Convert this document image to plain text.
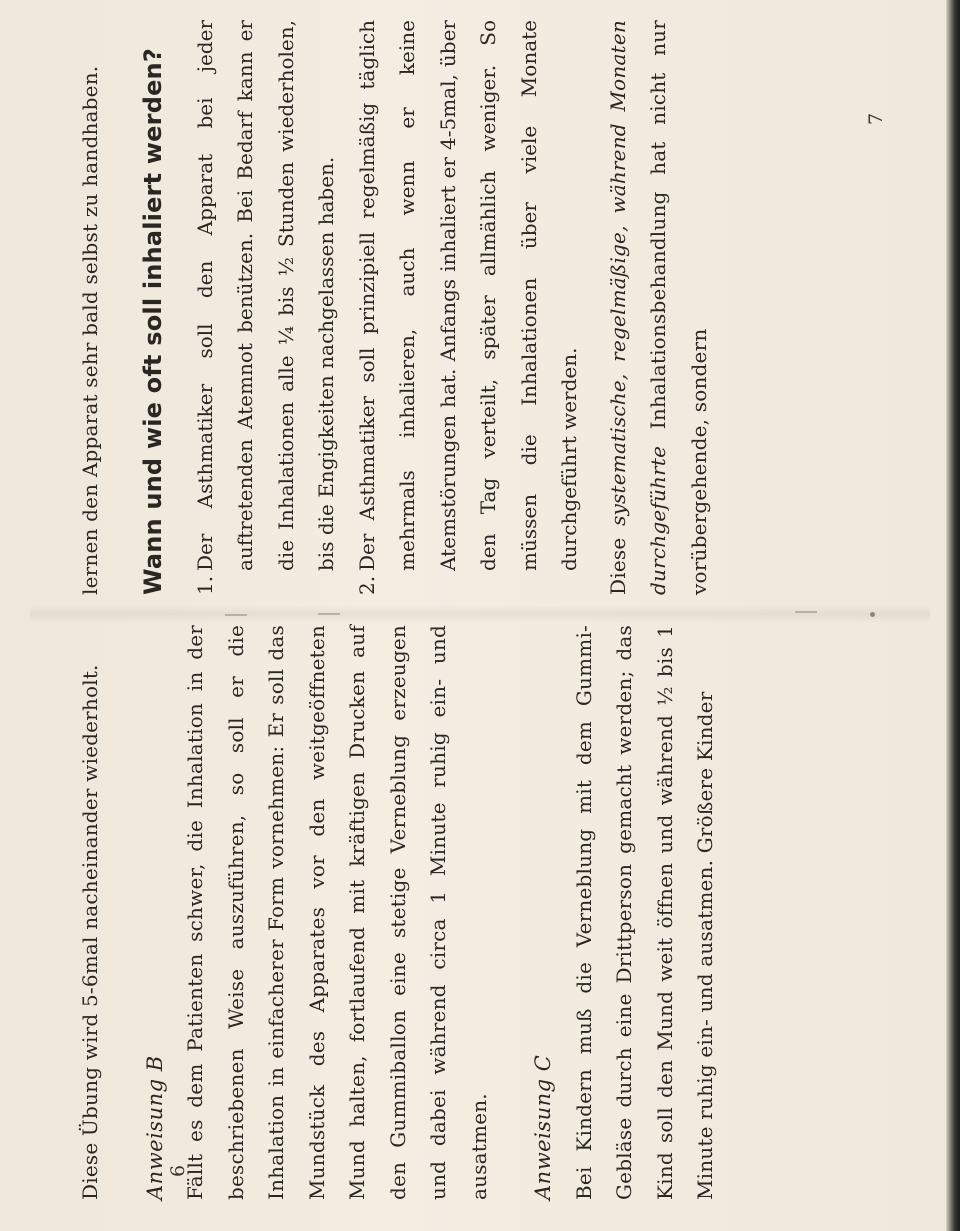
Diese Übung wird 5-6mal nacheinander wiederholt.	Anweisung B Fällt es dem Patienten schwer, die Inhalation in der beschriebenen Weise auszuführen, so soll er die Inhalation in einfacherer Form vornehmen: Er soll das Mundstück des Apparates vor den weitgeöffneten Mund halten, fortlaufend mit kräftigen Drucken auf den Gummiballon eine stetige Verneblung erzeugen und dabei während circa 1 Minute ruhig ein- und ausatmen.	Anweisung C Bei Kindern muß die Verneblung mit dem Gummi-Gebläse durch eine Drittperson gemacht werden; das Kind soll den Mund weit öffnen und während ½ bis 1 Minute ruhig ein- und ausatmen. Größere Kinder

lernen den Apparat sehr bald selbst zu handhaben.	Wann und wie oft soll inhaliert werden?	1.
Der Asthmatiker soll den Apparat bei jeder auftretenden Atemnot benützen. Bei Bedarf kann er die Inhalationen alle ¼ bis ½ Stunden wiederholen, bis die Engigkeiten nachgelassen haben.
2.
Der Asthmatiker soll prinzipiell regelmäßig täglich mehrmals inhalieren, auch wenn er keine Atemstörungen hat. Anfangs inhaliert er 4-5mal, über den Tag verteilt, später allmählich weniger. So müssen die Inhalationen über viele Monate durchgeführt werden.	Diese systematische, regelmäßige, während Monaten durchgeführte Inhalationsbehandlung hat nicht nur vorübergehende, sondern

6
7
